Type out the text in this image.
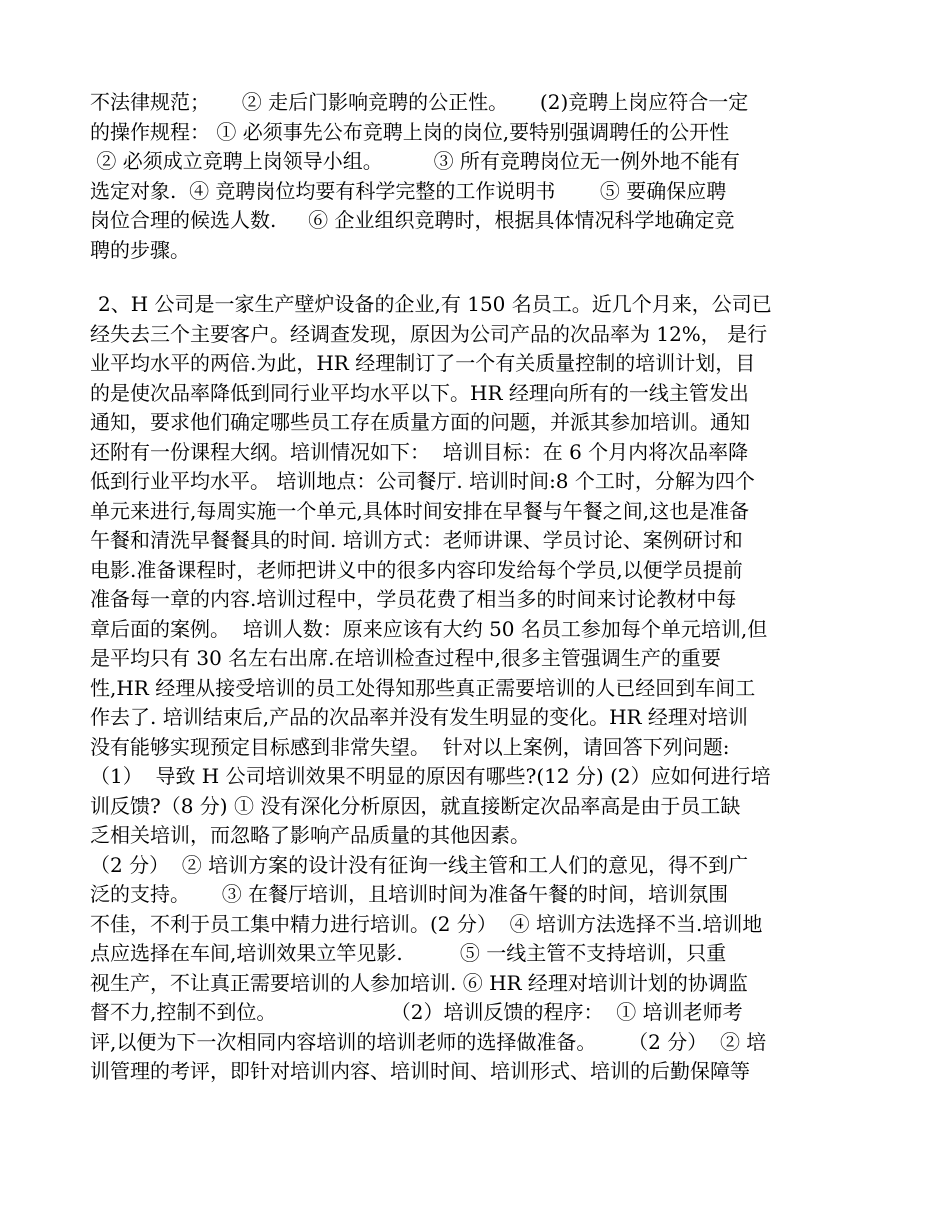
不法律规范；     ② 走后门影响竞聘的公正性。     (2)竞聘上岗应符合一定
的操作规程： ① 必须事先公布竞聘上岗的岗位,要特别强调聘任的公开性
② 必须成立竞聘上岗领导小组。        ③ 所有竞聘岗位无一例外地不能有
选定对象.  ④ 竞聘岗位均要有科学完整的工作说明书       ⑤ 要确保应聘
岗位合理的候选人数.     ⑥ 企业组织竞聘时，根据具体情况科学地确定竞
聘的步骤。
2、H 公司是一家生产壁炉设备的企业,有 150 名员工。近几个月来，公司已
经失去三个主要客户。经调查发现，原因为公司产品的次品率为 12%， 是行
业平均水平的两倍.为此，HR 经理制订了一个有关质量控制的培训计划，目
的是使次品率降低到同行业平均水平以下。HR 经理向所有的一线主管发出
通知，要求他们确定哪些员工存在质量方面的问题，并派其参加培训。通知
还附有一份课程大纲。培训情况如下：  培训目标：在 6 个月内将次品率降
低到行业平均水平。 培训地点：公司餐厅. 培训时间:8 个工时，分解为四个
单元来进行,每周实施一个单元,具体时间安排在早餐与午餐之间,这也是准备
午餐和清洗早餐餐具的时间. 培训方式：老师讲课、学员讨论、案例研讨和
电影.准备课程时，老师把讲义中的很多内容印发给每个学员,以便学员提前
准备每一章的内容.培训过程中，学员花费了相当多的时间来讨论教材中每
章后面的案例。  培训人数：原来应该有大约 50 名员工参加每个单元培训,但
是平均只有 30 名左右出席.在培训检查过程中,很多主管强调生产的重要
性,HR 经理从接受培训的员工处得知那些真正需要培训的人已经回到车间工
作去了. 培训结束后,产品的次品率并没有发生明显的变化。HR 经理对培训
没有能够实现预定目标感到非常失望。  针对以上案例，请回答下列问题:
（1）  导致 H 公司培训效果不明显的原因有哪些?(12 分) (2）应如何进行培
训反馈?（8 分) ① 没有深化分析原因，就直接断定次品率高是由于员工缺
乏相关培训，而忽略了影响产品质量的其他因素。
（2 分）  ② 培训方案的设计没有征询一线主管和工人们的意见，得不到广
泛的支持。     ③ 在餐厅培训，且培训时间为准备午餐的时间，培训氛围
不佳，不利于员工集中精力进行培训。(2 分）  ④ 培训方法选择不当.培训地
点应选择在车间,培训效果立竿见影.         ⑤ 一线主管不支持培训，只重
视生产，不让真正需要培训的人参加培训. ⑥ HR 经理对培训计划的协调监
督不力,控制不到位。                  （2）培训反馈的程序：  ① 培训老师考
评,以便为下一次相同内容培训的培训老师的选择做准备。     （2 分）  ② 培
训管理的考评，即针对培训内容、培训时间、培训形式、培训的后勤保障等
